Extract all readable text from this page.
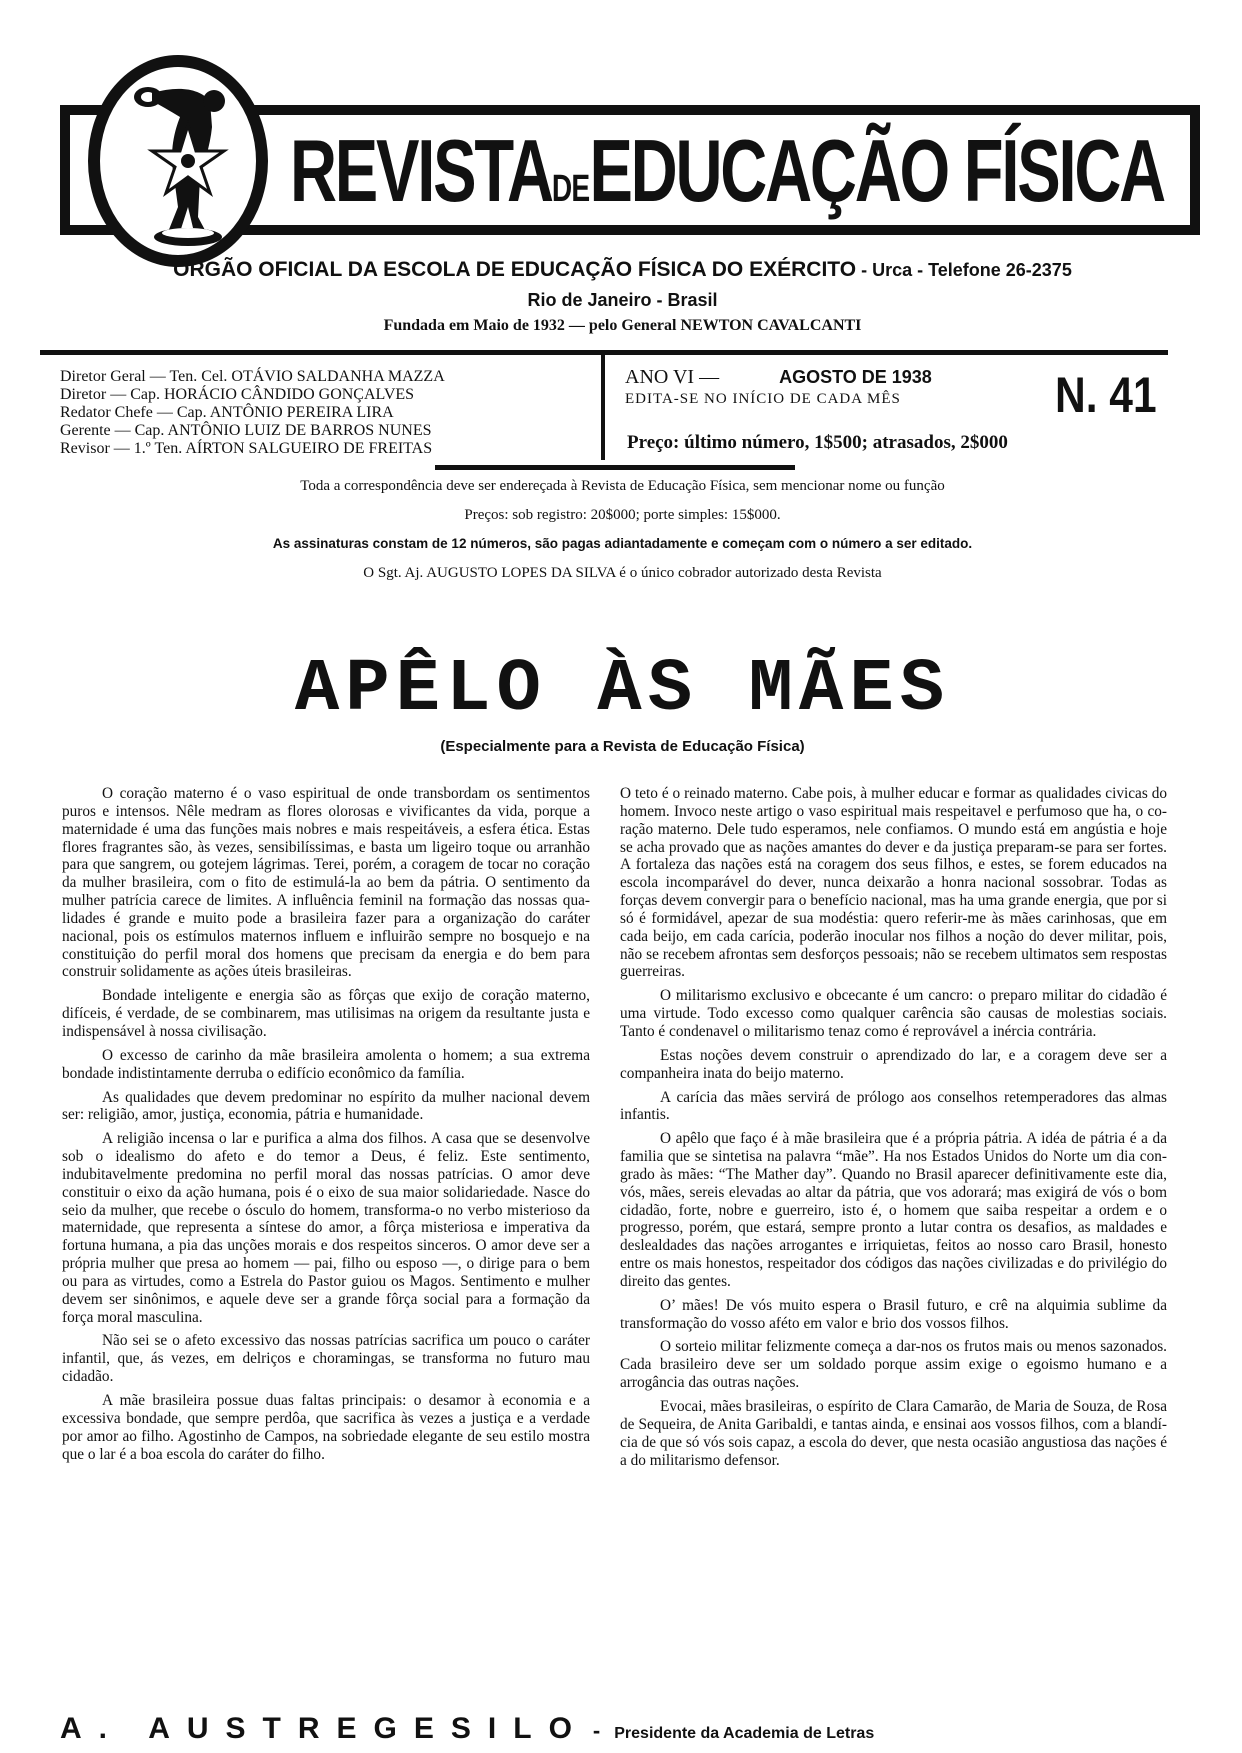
REVISTADEEDUCAÇÃO FÍSICA
ÓRGÃO OFICIAL DA ESCOLA DE EDUCAÇÃO FÍSICA DO EXÉRCITO - Urca - Telefone 26-2375
Rio de Janeiro - Brasil
Fundada em Maio de 1932 — pelo General NEWTON CAVALCANTI
Diretor Geral — Ten. Cel. OTÁVIO SALDANHA MAZZA
Diretor — Cap. HORÁCIO CÂNDIDO GONÇALVES
Redator Chefe — Cap. ANTÔNIO PEREIRA LIRA
Gerente — Cap. ANTÔNIO LUIZ DE BARROS NUNES
Revisor — 1.º Ten. AÍRTON SALGUEIRO DE FREITAS
ANO VI —	AGOSTO DE 1938
EDITA-SE NO INÍCIO DE CADA MÊS	N. 41
Preço: último número, 1$500; atrasados, 2$000
Toda a correspondência deve ser endereçada à Revista de Educação Física, sem mencionar nome ou função
Preços: sob registro: 20$000; porte simples: 15$000.
As assinaturas constam de 12 números, são pagas adiantadamente e começam com o número a ser editado.
O Sgt. Aj. AUGUSTO LOPES DA SILVA é o único cobrador autorizado desta Revista
APÊLO ÀS MÃES
(Especialmente para a Revista de Educação Física)

O coração materno é o vaso espiritual de onde transbordam os sentimentos puros e intensos. Nêle medram as flores olorosas e vivificantes da vida, porque a maternidade é uma das funções mais nobres e mais respeitáveis, a esfera ética. Estas flores fragrantes são, às vezes, sensibilíssimas, e basta um ligeiro toque ou arranhão para que sangrem, ou gotejem lágrimas. Terei, porém, a coragem de tocar no coração da mulher brasileira, com o fito de estimulá-la ao bem da pátria. O sentimento da mulher patrícia carece de limites. A influência feminil na formação das nossas qualidades é grande e muito pode a brasileira fazer para a organização do caráter nacional, pois os estímulos maternos influem e influirão sempre no bosquejo e na constituição do perfil moral dos homens que precisam da energia e do bem para construir solidamente as ações úteis brasileiras.

Bondade inteligente e energia são as fôrças que exijo de coração materno, difíceis, é verdade, de se combinarem, mas utilisimas na origem da resultante justa e indispensável à nossa civilisação.

O excesso de carinho da mãe brasileira amolenta o homem; a sua extrema bondade indistintamente derruba o edifício econômico da família.

As qualidades que devem predominar no espírito da mulher nacional devem ser: religião, amor, justiça, economia, pátria e humanidade.

A religião incensa o lar e purifica a alma dos filhos. A casa que se desenvolve sob o idealismo do afeto e do temor a Deus, é feliz. Este sentimento, indubitavelmente predomina no perfil moral das nossas patrícias. O amor deve constituir o eixo da ação humana, pois é o eixo de sua maior solidariedade. Nasce do seio da mulher, que recebe o ósculo do homem, transforma-o no verbo misterioso da maternidade, que representa a síntese do amor, a fôrça misteriosa e imperativa da fortuna humana, a pia das unções morais e dos respeitos sinceros. O amor deve ser a própria mulher que presa ao homem — pai, filho ou esposo —, o dirige para o bem ou para as virtudes, como a Estrela do Pastor guiou os Magos. Sentimento e mulher devem ser sinônimos, e aquele deve ser a grande fôrça social para a formação da força moral masculina.

Não sei se o afeto excessivo das nossas patrícias sacrifica um pouco o caráter infantil, que, ás vezes, em delriços e choramingas, se transforma no futuro mau cidadão.

A mãe brasileira possue duas faltas principais: o desamor à economia e a excessiva bondade, que sempre perdôa, que sacrifica às vezes a justiça e a verdade por amor ao filho. Agostinho de Campos, na sobriedade elegante de seu estilo mostra que o lar é a boa escola do caráter do filho.

O teto é o reinado materno. Cabe pois, à mulher educar e formar as qualidades civicas do homem. Invoco neste artigo o vaso espiritual mais respeitavel e perfumoso que ha, o coração materno. Dele tudo esperamos, nele confiamos. O mundo está em angústia e hoje se acha provado que as nações amantes do dever e da justiça preparam-se para ser fortes. A fortaleza das nações está na coragem dos seus filhos, e estes, se forem educados na escola incomparável do dever, nunca deixarão a honra nacional sossobrar. Todas as forças devem convergir para o benefício nacional, mas ha uma grande energia, que por si só é formidável, apezar de sua modéstia: quero referir-me às mães carinhosas, que em cada beijo, em cada carícia, poderão inocular nos filhos a noção do dever militar, pois, não se recebem afrontas sem desforços pessoais; não se recebem ultimatos sem respostas guerreiras.

O militarismo exclusivo e obcecante é um cancro: o preparo militar do cidadão é uma virtude. Todo excesso como qualquer carência são causas de molestias sociais. Tanto é condenavel o militarismo tenaz como é reprovável a inércia contrária.

Estas noções devem construir o aprendizado do lar, e a coragem deve ser a companheira inata do beijo materno.

A carícia das mães servirá de prólogo aos conselhos retemperadores das almas infantis.

O apêlo que faço é à mãe brasileira que é a própria pátria. A idéa de pátria é a da familia que se sintetisa na palavra “mãe”. Ha nos Estados Unidos do Norte um dia congrado às mães: “The Mather day”. Quando no Brasil aparecer definitivamente este dia, vós, mães, sereis elevadas ao altar da pátria, que vos adorará; mas exigirá de vós o bom cidadão, forte, nobre e guerreiro, isto é, o homem que saiba respeitar a ordem e o progresso, porém, que estará, sempre pronto a lutar contra os desafios, as maldades e deslealdades das nações arrogantes e irriquietas, feitos ao nosso caro Brasil, honesto entre os mais honestos, respeitador dos códigos das nações civilizadas e do privilégio do direito das gentes.

O’ mães! De vós muito espera o Brasil futuro, e crê na alquimia sublime da transformação do vosso aféto em valor e brio dos vossos filhos.

O sorteio militar felizmente começa a dar-nos os frutos mais ou menos sazonados. Cada brasileiro deve ser um soldado porque assim exige o egoismo humano e a arrogância das outras nações.

Evocai, mães brasileiras, o espírito de Clara Camarão, de Maria de Souza, de Rosa de Sequeira, de Anita Garibaldi, e tantas ainda, e ensinai aos vossos filhos, com a blandícia de que só vós sois capaz, a escola do dever, que nesta ocasião angustiosa das nações é a do militarismo defensor.

A. AUSTREGESILO - Presidente da Academia de Letras
